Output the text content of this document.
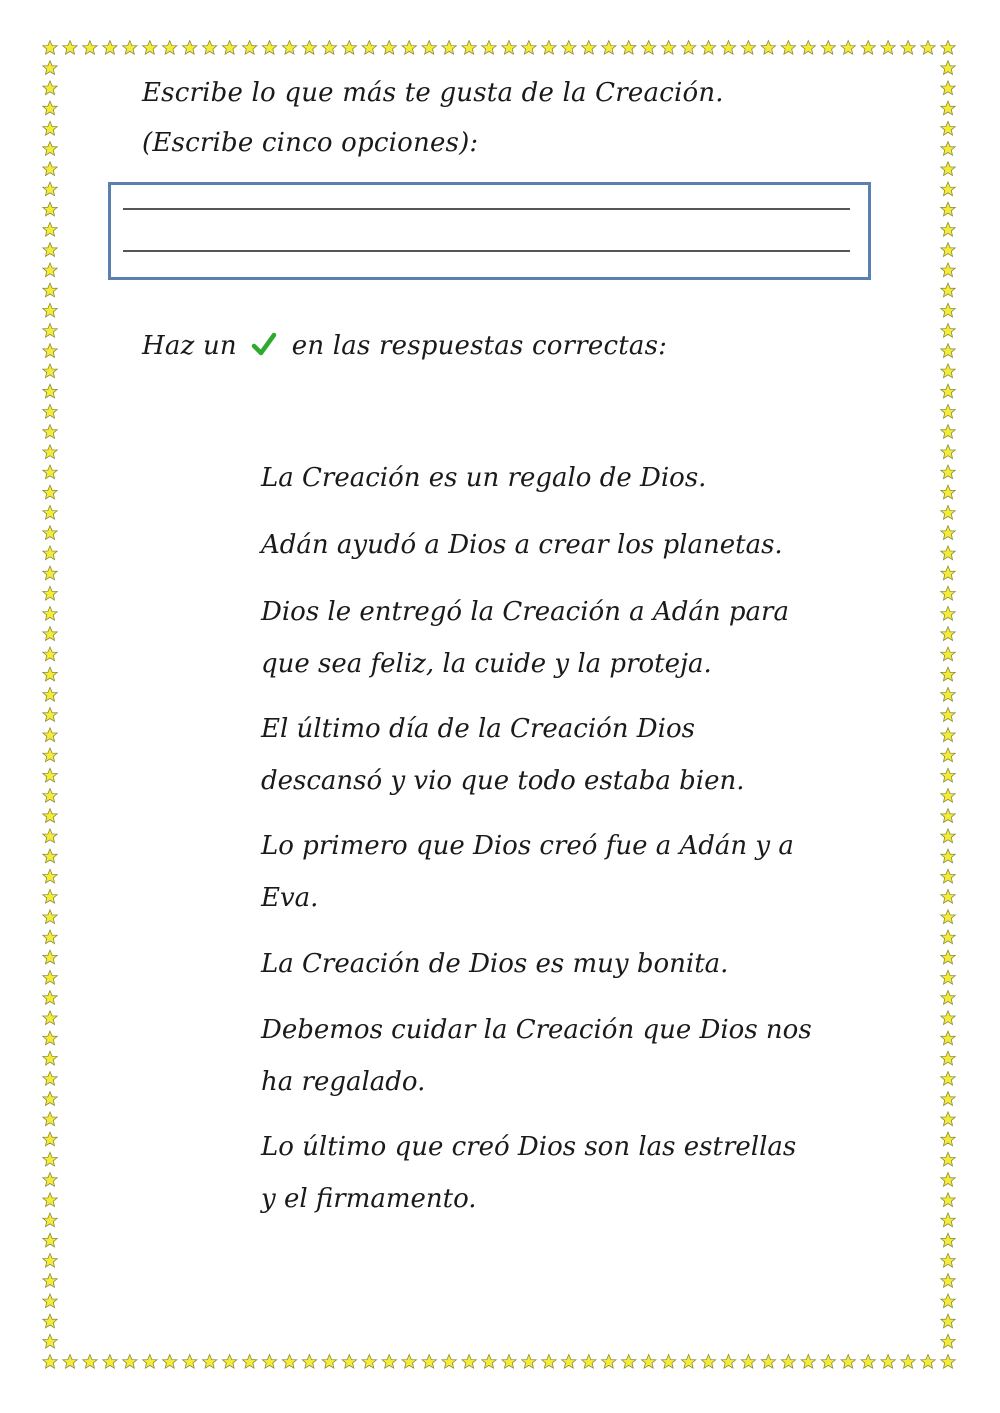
Escribe lo que más te gusta de la Creación.
(Escribe cinco opciones):
Haz un en las respuestas correctas:
La Creación es un regalo de Dios.
Adán ayudó a Dios a crear los planetas.
Dios le entregó la Creación a Adán para
que sea feliz, la cuide y la proteja.
El último día de la Creación Dios
descansó y vio que todo estaba bien.
Lo primero que Dios creó fue a Adán y a
Eva.
La Creación de Dios es muy bonita.
Debemos cuidar la Creación que Dios nos
ha regalado.
Lo último que creó Dios son las estrellas
y el firmamento.
